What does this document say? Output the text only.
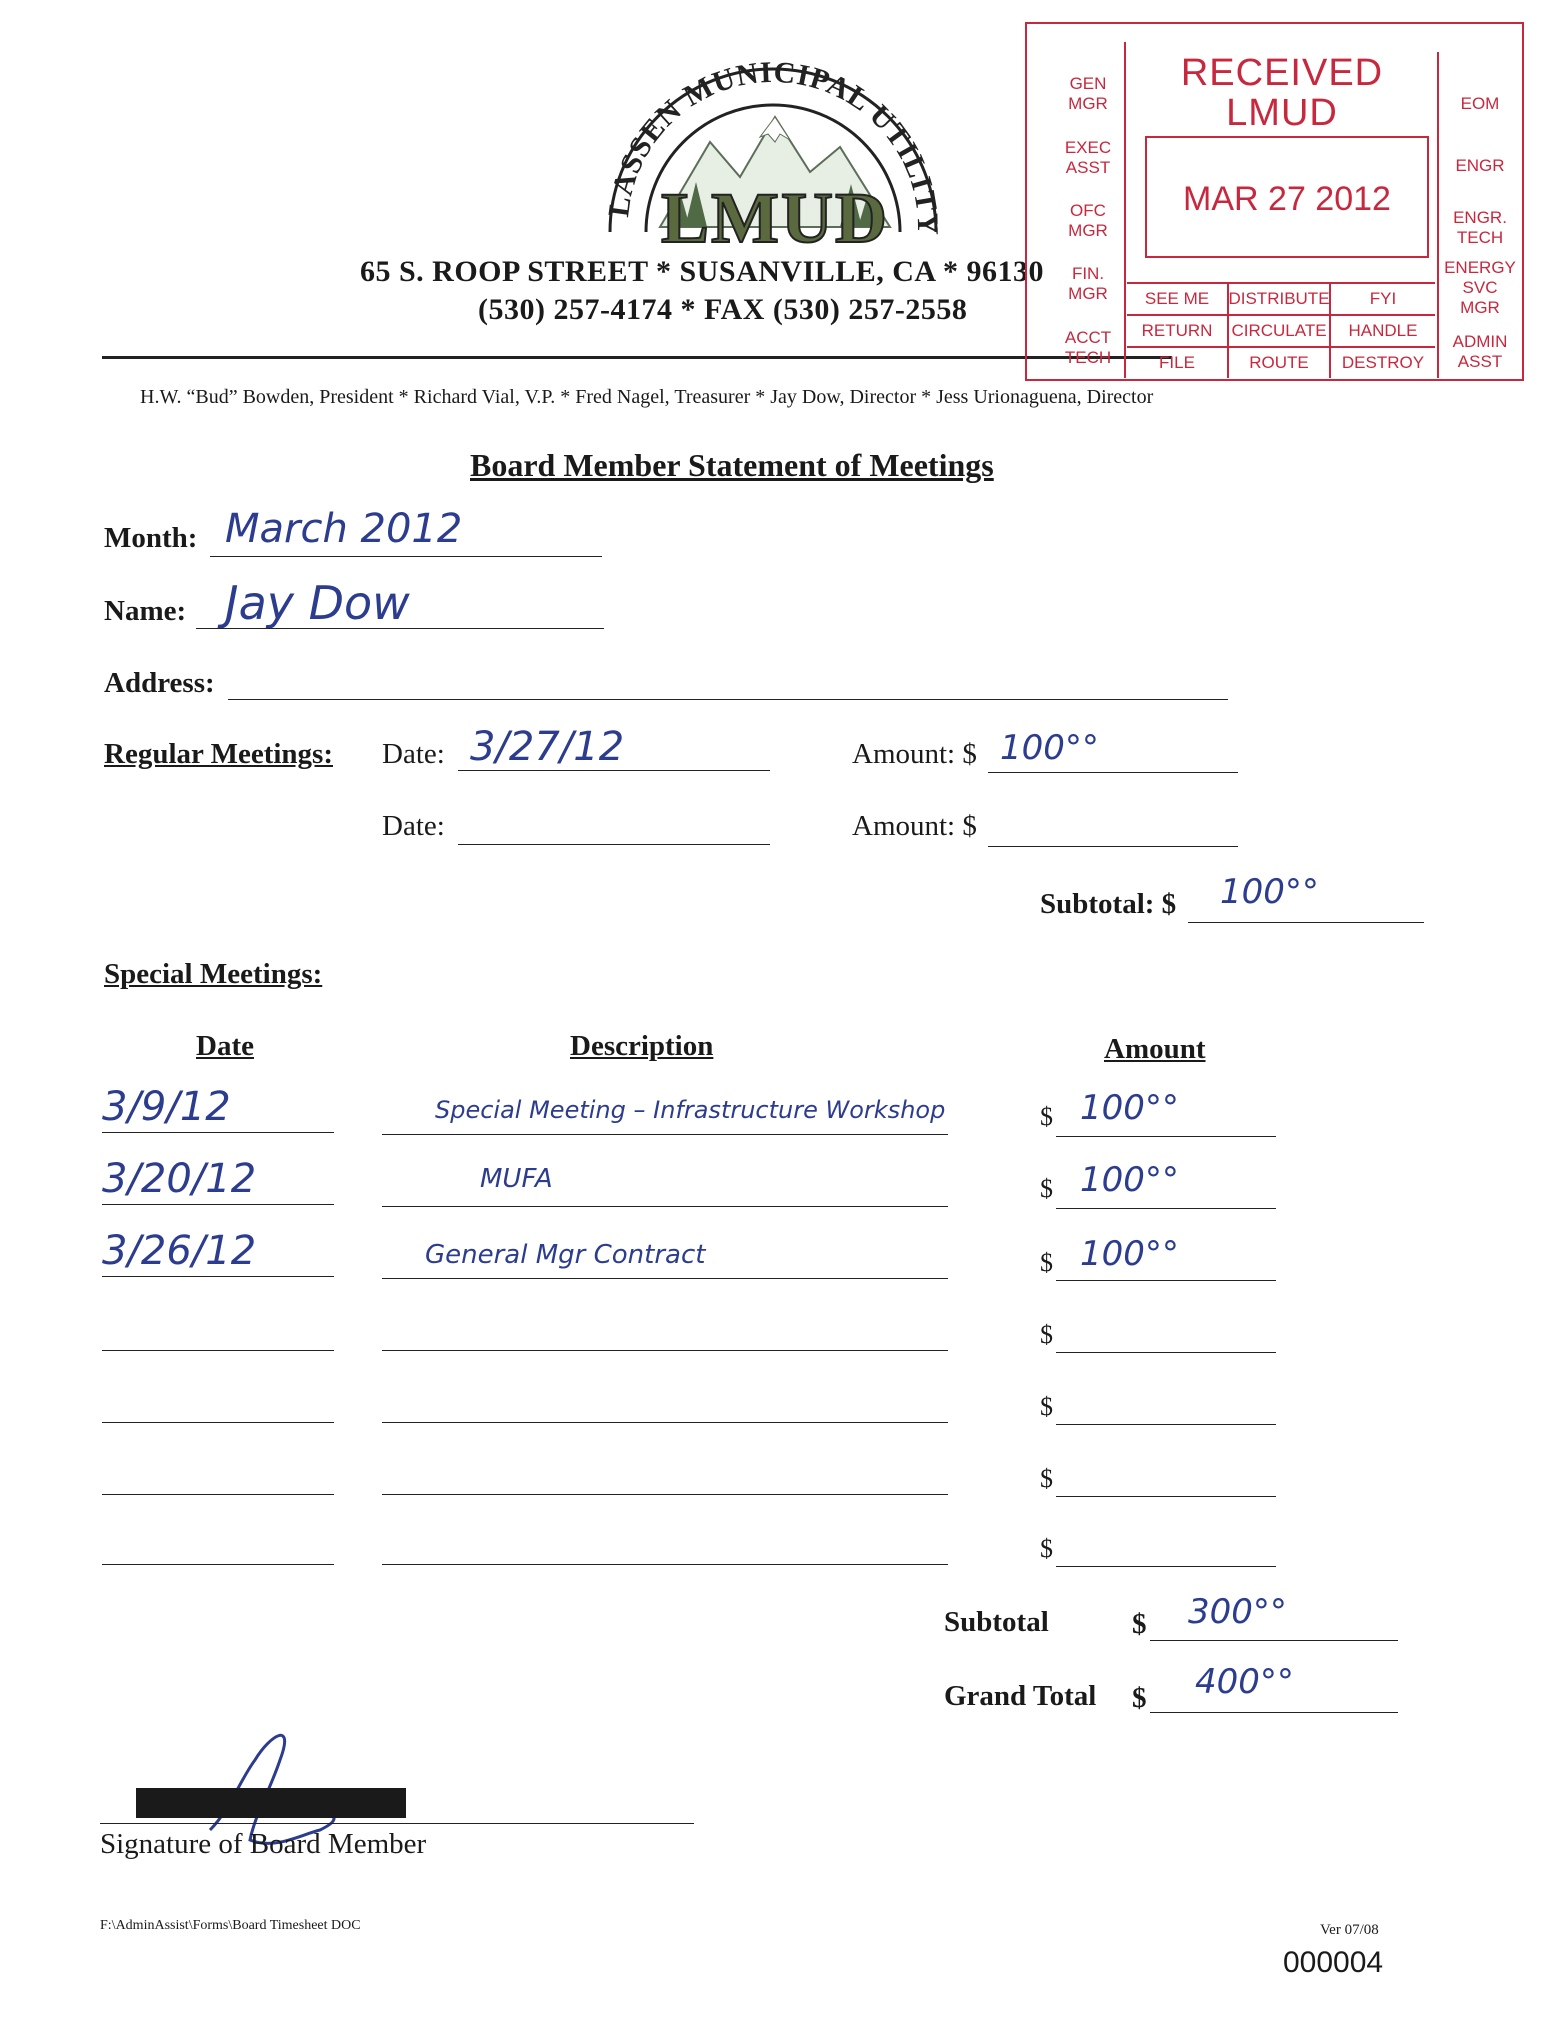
LASSEN MUNICIPAL UTILITY
LMUD
65 S. ROOP STREET * SUSANVILLE, CA * 96130
(530) 257-4174 * FAX (530) 257-2558
H.W. “Bud” Bowden, President * Richard Vial, V.P. * Fred Nagel, Treasurer * Jay Dow, Director * Jess Urionaguena, Director
GEN MGR
EXEC ASST
OFC MGR
FIN. MGR
ACCT TECH
EOM
ENGR
ENGR. TECH
ENERGY SVC MGR
ADMIN ASST
RECEIVED
LMUD
MAR 27 2012
SEE ME	DISTRIBUTE	FYI
RETURN	CIRCULATE	HANDLE
FILE	ROUTE	DESTROY
Board Member Statement of Meetings
Month: March 2012
Name: Jay Dow
Address:
Regular Meetings: Date: 3/27/12	Amount: $ 100°°
Date:	Amount: $
Subtotal: $ 100°°
Special Meetings:
Date	Description	Amount
3/9/12	Special Meeting – Infrastructure Workshop	$ 100°°
3/20/12	MUFA	$ 100°°
3/26/12	General Mgr Contract	$ 100°°
$
$
$
$
Subtotal	$ 300°°
Grand Total $ 400°°
Signature of Board Member
F:\AdminAssist\Forms\Board Timesheet DOC	Ver 07/08
000004
